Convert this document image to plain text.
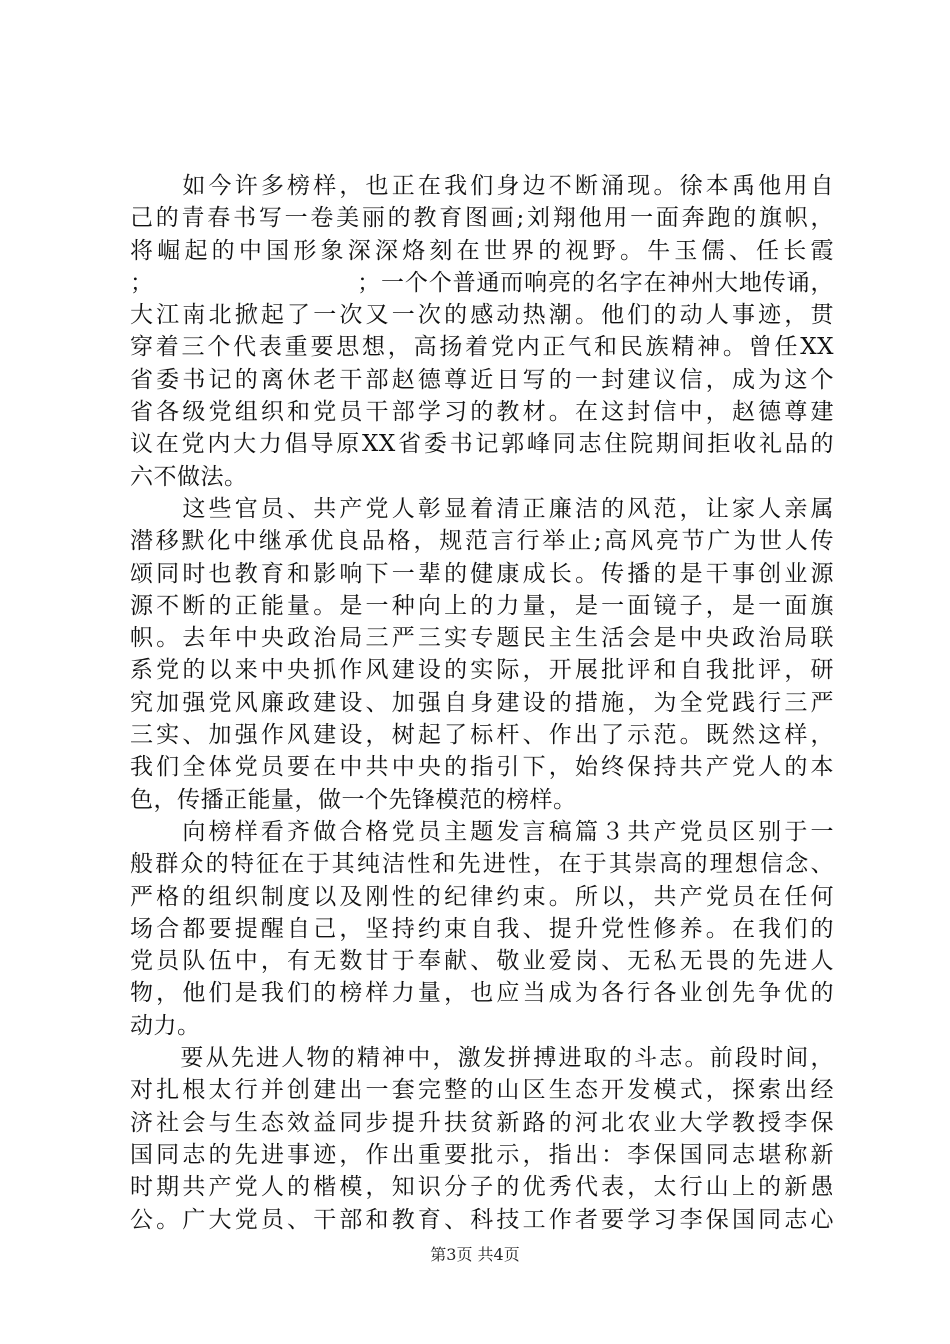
　　如今许多榜样，也正在我们身边不断涌现。徐本禹他用自
己的青春书写一卷美丽的教育图画;刘翔他用一面奔跑的旗帜，
将崛起的中国形象深深烙刻在世界的视野。牛玉儒、任长霞
；　　　　　　　　　；一个个普通而响亮的名字在神州大地传诵，
大江南北掀起了一次又一次的感动热潮。他们的动人事迹，贯
穿着三个代表重要思想，高扬着党内正气和民族精神。曾任XX
省委书记的离休老干部赵德尊近日写的一封建议信，成为这个
省各级党组织和党员干部学习的教材。在这封信中，赵德尊建
议在党内大力倡导原XX省委书记郭峰同志住院期间拒收礼品的
六不做法。
　　这些官员、共产党人彰显着清正廉洁的风范，让家人亲属
潜移默化中继承优良品格，规范言行举止;高风亮节广为世人传
颂同时也教育和影响下一辈的健康成长。传播的是干事创业源
源不断的正能量。是一种向上的力量，是一面镜子，是一面旗
帜。去年中央政治局三严三实专题民主生活会是中央政治局联
系党的以来中央抓作风建设的实际，开展批评和自我批评，研
究加强党风廉政建设、加强自身建设的措施，为全党践行三严
三实、加强作风建设，树起了标杆、作出了示范。既然这样，
我们全体党员要在中共中央的指引下，始终保持共产党人的本
色，传播正能量，做一个先锋模范的榜样。
　　向榜样看齐做合格党员主题发言稿篇３共产党员区别于一
般群众的特征在于其纯洁性和先进性，在于其崇高的理想信念、
严格的组织制度以及刚性的纪律约束。所以，共产党员在任何
场合都要提醒自己，坚持约束自我、提升党性修养。在我们的
党员队伍中，有无数甘于奉献、敬业爱岗、无私无畏的先进人
物，他们是我们的榜样力量，也应当成为各行各业创先争优的
动力。
　　要从先进人物的精神中，激发拼搏进取的斗志。前段时间，
对扎根太行并创建出一套完整的山区生态开发模式，探索出经
济社会与生态效益同步提升扶贫新路的河北农业大学教授李保
国同志的先进事迹，作出重要批示，指出：李保国同志堪称新
时期共产党人的楷模，知识分子的优秀代表，太行山上的新愚
公。广大党员、干部和教育、科技工作者要学习李保国同志心
第3页 共4页
